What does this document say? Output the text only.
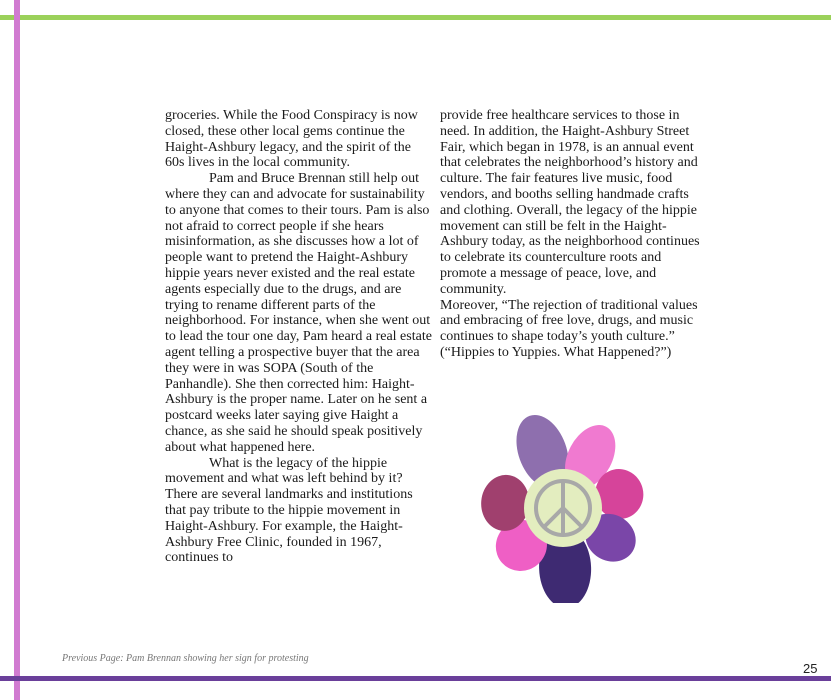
groceries. While the Food Conspiracy is now closed, these other local gems continue the Haight-Ashbury legacy, and the spirit of the 60s lives in the local community.

Pam and Bruce Brennan still help out where they can and advocate for sustainability to anyone that comes to their tours. Pam is also not afraid to correct people if she hears misinformation, as she discusses how a lot of people want to pretend the Haight-Ashbury hippie years never existed and the real estate agents especially due to the drugs, and are trying to rename different parts of the neighborhood. For instance, when she went out to lead the tour one day, Pam heard a real estate agent telling a prospective buyer that the area they were in was SOPA (South of the Panhandle). She then corrected him: Haight-Ashbury is the proper name. Later on he sent a postcard weeks later saying give Haight a chance, as she said he should speak positively about what happened here.

What is the legacy of the hippie movement and what was left behind by it? There are several landmarks and institutions that pay tribute to the hippie movement in Haight-Ashbury. For example, the Haight-Ashbury Free Clinic, founded in 1967, continues to

provide free healthcare services to those in need. In addition, the Haight-Ashbury Street Fair, which began in 1978, is an annual event that celebrates the neighborhood’s history and culture. The fair features live music, food vendors, and booths selling handmade crafts and clothing. Overall, the legacy of the hippie movement can still be felt in the Haight-Ashbury today, as the neighborhood continues to celebrate its counterculture roots and promote a message of peace, love, and community.

Moreover, “The rejection of traditional values and embracing of free love, drugs, and music continues to shape today’s youth culture.” (“Hippies to Yuppies. What Happened?”)

Previous Page: Pam Brennan showing her sign for protesting
25
